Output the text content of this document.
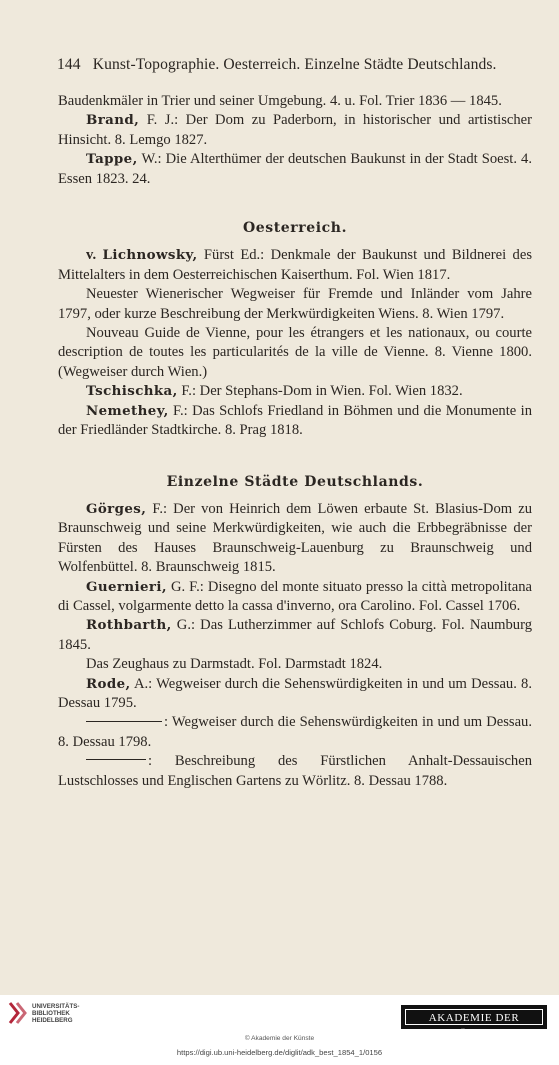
144 Kunst-Topographie. Oesterreich. Einzelne Städte Deutschlands.

Baudenkmäler in Trier und seiner Umgebung. 4. u. Fol. Trier 1836 — 1845.

Brand, F. J.: Der Dom zu Paderborn, in historischer und artistischer Hinsicht. 8. Lemgo 1827.

Tappe, W.: Die Alterthümer der deutschen Baukunst in der Stadt Soest. 4. Essen 1823. 24.

Oesterreich.

v. Lichnowsky, Fürst Ed.: Denkmale der Baukunst und Bildnerei des Mittelalters in dem Oesterreichischen Kaiserthum. Fol. Wien 1817.

Neuester Wienerischer Wegweiser für Fremde und Inländer vom Jahre 1797, oder kurze Beschreibung der Merkwürdigkeiten Wiens. 8. Wien 1797.

Nouveau Guide de Vienne, pour les étrangers et les nationaux, ou courte description de toutes les particularités de la ville de Vienne. 8. Vienne 1800. (Wegweiser durch Wien.)

Tschischka, F.: Der Stephans-Dom in Wien. Fol. Wien 1832.

Nemethey, F.: Das Schlofs Friedland in Böhmen und die Monumente in der Friedländer Stadtkirche. 8. Prag 1818.

Einzelne Städte Deutschlands.

Görges, F.: Der von Heinrich dem Löwen erbaute St. Blasius-Dom zu Braunschweig und seine Merkwürdigkeiten, wie auch die Erbbegräbnisse der Fürsten des Hauses Braunschweig-Lauenburg zu Braunschweig und Wolfenbüttel. 8. Braunschweig 1815.

Guernieri, G. F.: Disegno del monte situato presso la città metropolitana di Cassel, volgarmente detto la cassa d'inverno, ora Carolino. Fol. Cassel 1706.

Rothbarth, G.: Das Lutherzimmer auf Schlofs Coburg. Fol. Naumburg 1845.

Das Zeughaus zu Darmstadt. Fol. Darmstadt 1824.

Rode, A.: Wegweiser durch die Sehenswürdigkeiten in und um Dessau. 8. Dessau 1795.

: Wegweiser durch die Sehenswürdigkeiten in und um Dessau. 8. Dessau 1798.

: Beschreibung des Fürstlichen Anhalt-Dessauischen Lustschlosses und Englischen Gartens zu Wörlitz. 8. Dessau 1788.

UNIVERSITÄTS- BIBLIOTHEK HEIDELBERG	AKADEMIE DER KÜNSTE
© Akademie der Künste
https://digi.ub.uni-heidelberg.de/diglit/adk_best_1854_1/0156
